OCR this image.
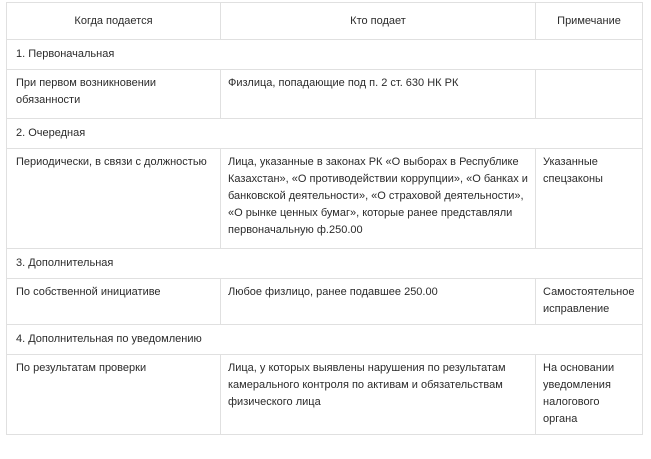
Когда подается	Кто подает	Примечание
1. Первоначальная		
При первом возникновении обязанности	Физлица, попадающие под п. 2 ст. 630 НК РК	
2. Очередная		
Периодически, в связи с должностью	Лица, указанные в законах РК «О выборах в Республике Казахстан», «О противодействии коррупции», «О банках и банковской деятельности», «О страховой деятельности», «О рынке ценных бумаг», которые ранее представляли первоначальную ф.250.00	Указанные спецзаконы
3. Дополнительная		
По собственной инициативе	Любое физлицо, ранее подавшее 250.00	Самостоятельное исправление
4. Дополнительная по уведомлению		
По результатам проверки	Лица, у которых выявлены нарушения по результатам камерального контроля по активам и обязательствам физического лица	На основании уведомления налогового органа
